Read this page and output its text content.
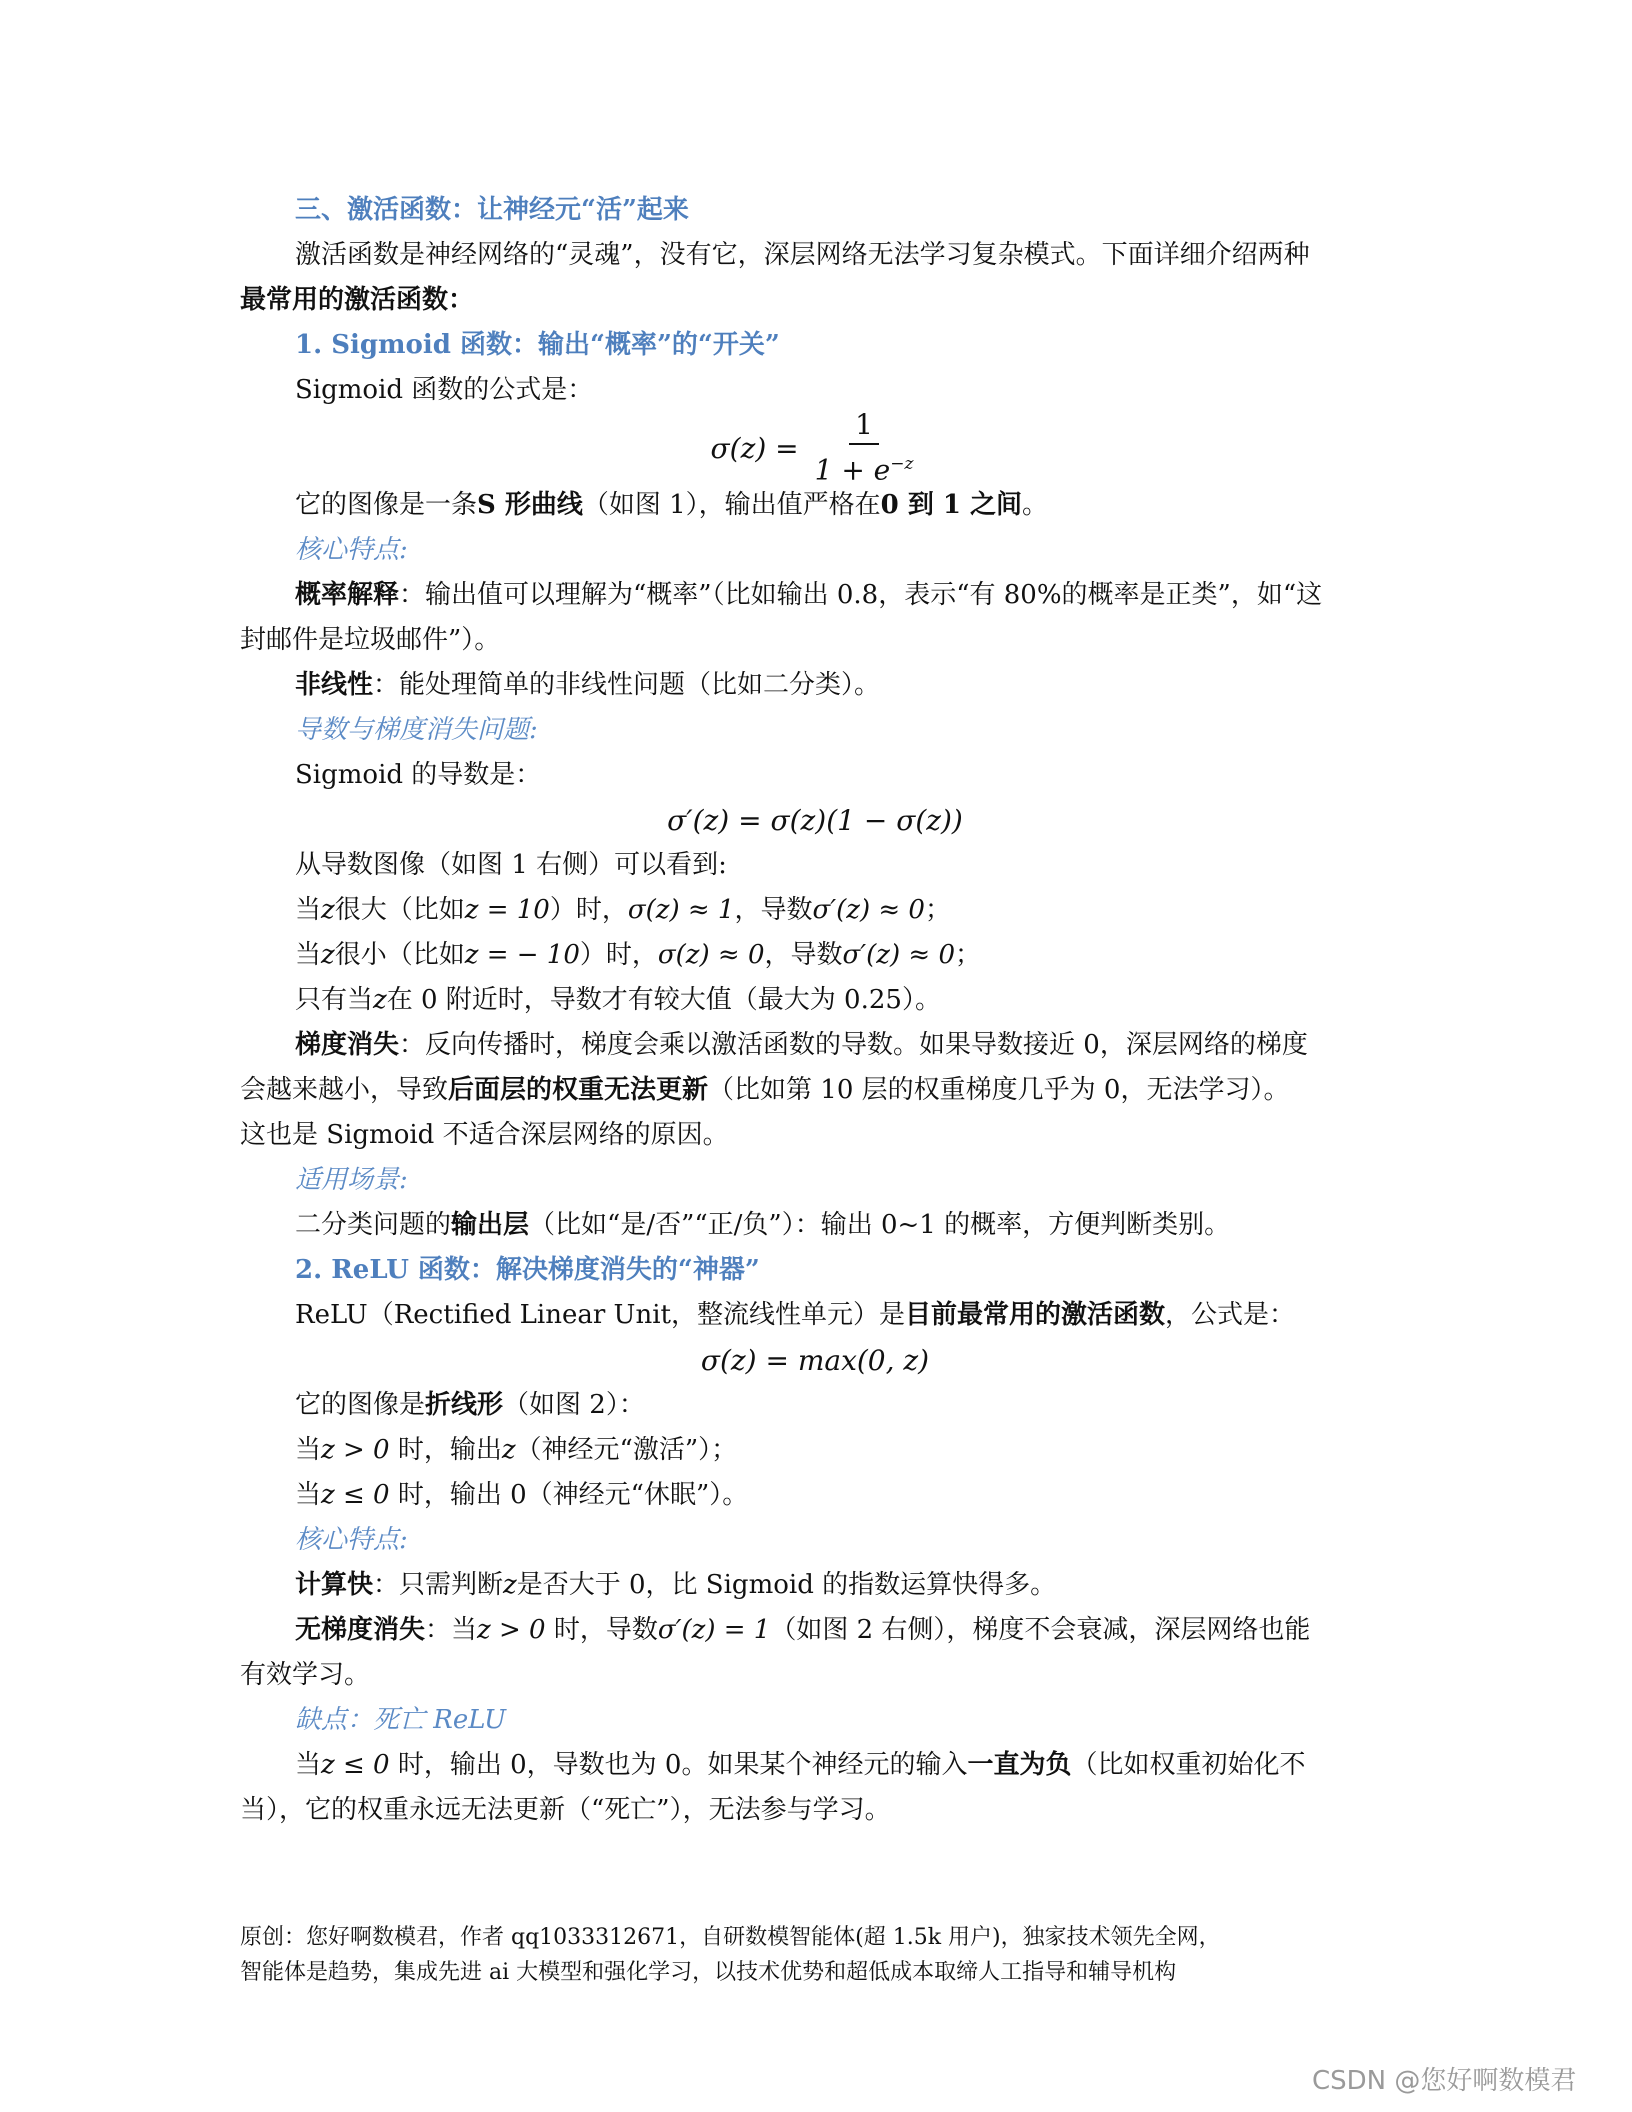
三、激活函数：让神经元“活”起来
激活函数是神经网络的“灵魂”，没有它，深层网络无法学习复杂模式。下面详细介绍两种
最常用的激活函数：
1. Sigmoid 函数：输出“概率”的“开关”
Sigmoid 函数的公式是：
$\sigma(z) = \frac{1}{1 + e^{-z}}$
它的图像是一条S 形曲线（如图 1），输出值严格在0 到 1 之间。
核心特点:
概率解释：输出值可以理解为“概率”（比如输出 0.8，表示“有 80%的概率是正类”，如“这
封邮件是垃圾邮件”）。
非线性：能处理简单的非线性问题（比如二分类）。
导数与梯度消失问题:
Sigmoid 的导数是：
σ′(z) = σ(z)(1 − σ(z))
从导数图像（如图 1 右侧）可以看到:
当z很大（比如z = 10）时，σ(z) ≈ 1，导数σ′(z) ≈ 0；
当z很小（比如z = − 10）时，σ(z) ≈ 0，导数σ′(z) ≈ 0；
只有当z在 0 附近时，导数才有较大值（最大为 0.25）。
梯度消失：反向传播时，梯度会乘以激活函数的导数。如果导数接近 0，深层网络的梯度
会越来越小，导致后面层的权重无法更新（比如第 10 层的权重梯度几乎为 0，无法学习）。
这也是 Sigmoid 不适合深层网络的原因。
适用场景:
二分类问题的输出层（比如“是/否”“正/负”）：输出 0~1 的概率，方便判断类别。
2. ReLU 函数：解决梯度消失的“神器”
ReLU（Rectified Linear Unit，整流线性单元）是目前最常用的激活函数，公式是：
σ(z) = max(0, z)
它的图像是折线形（如图 2）：
当z > 0 时，输出z（神经元“激活”）；
当z ≤ 0 时，输出 0（神经元“休眠”）。
核心特点:
计算快：只需判断z是否大于 0，比 Sigmoid 的指数运算快得多。
无梯度消失：当z > 0 时，导数σ′(z) = 1（如图 2 右侧），梯度不会衰减，深层网络也能
有效学习。
缺点：死亡 ReLU
当z ≤ 0 时，输出 0，导数也为 0。如果某个神经元的输入一直为负（比如权重初始化不
当），它的权重永远无法更新（“死亡”），无法参与学习。
原创：您好啊数模君，作者 qq1033312671，自研数模智能体(超 1.5k 用户)，独家技术领先全网，
智能体是趋势，集成先进 ai 大模型和强化学习，以技术优势和超低成本取缔人工指导和辅导机构
CSDN @您好啊数模君
